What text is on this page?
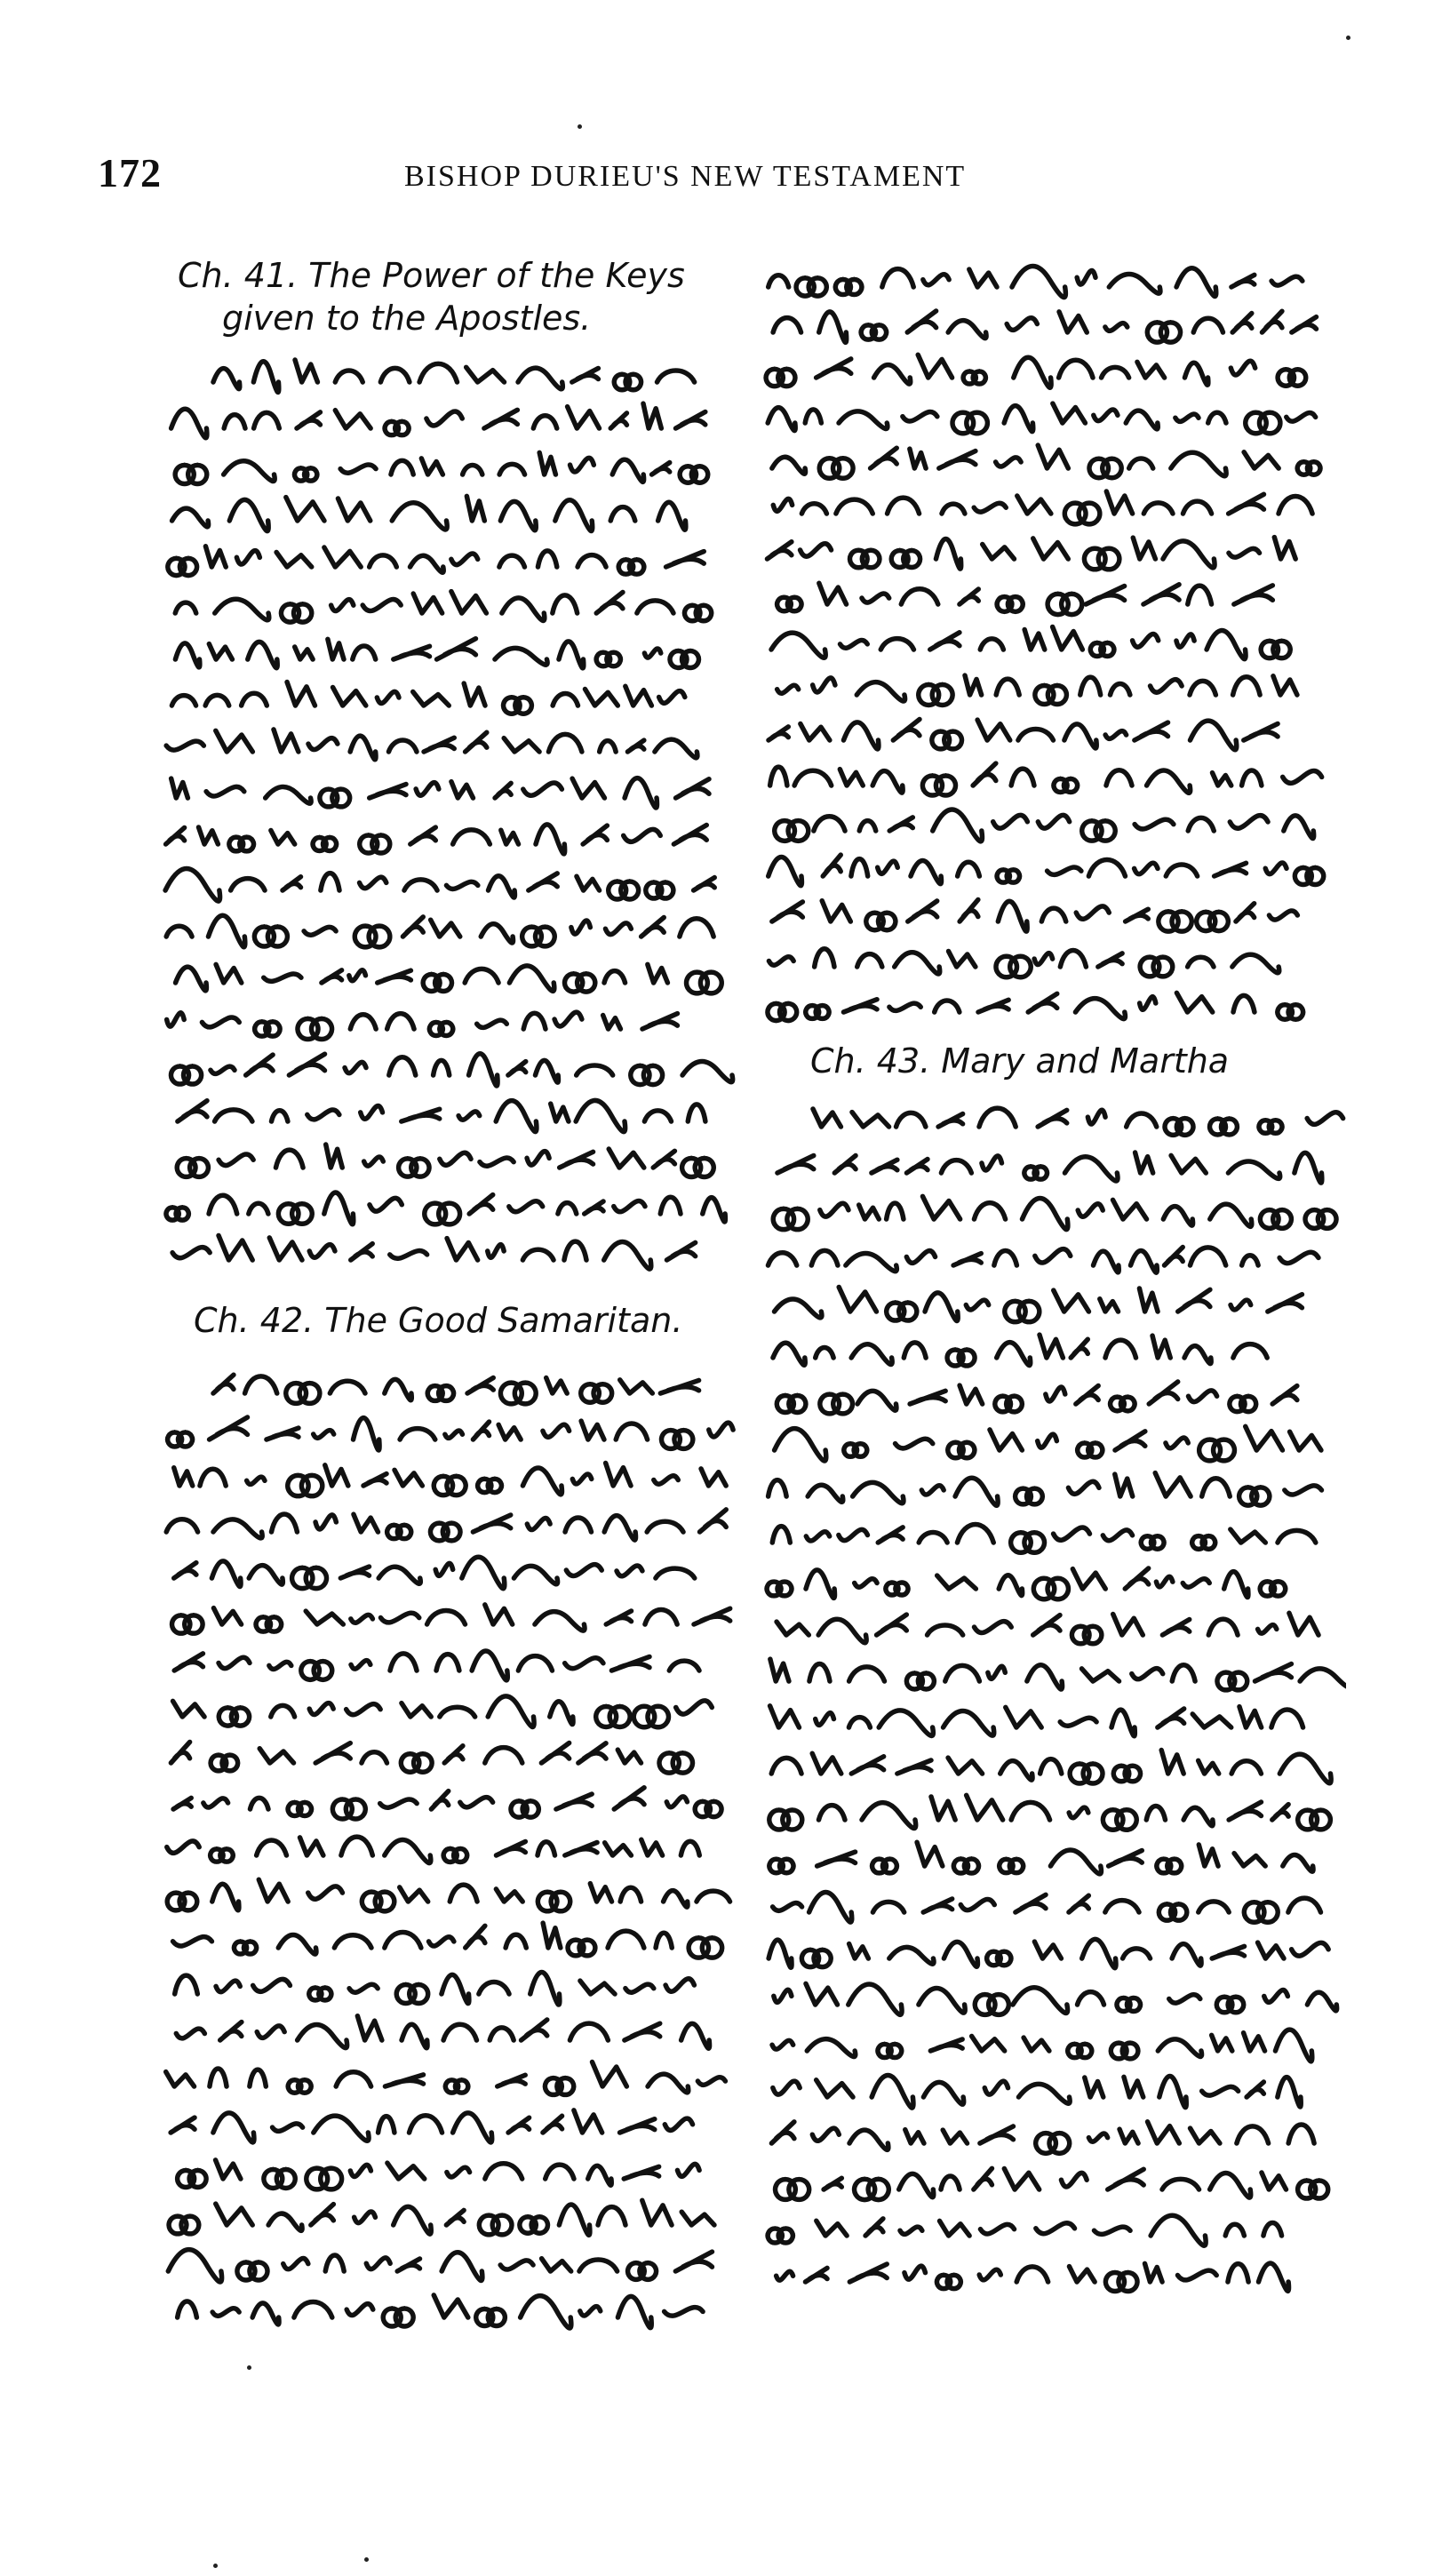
172	BISHOP DURIEU'S NEW TESTAMENT
Ch. 41. The Power of the Keys
given to the Apostles.
Ch. 42. The Good Samaritan.
Ch. 43. Mary and Martha
